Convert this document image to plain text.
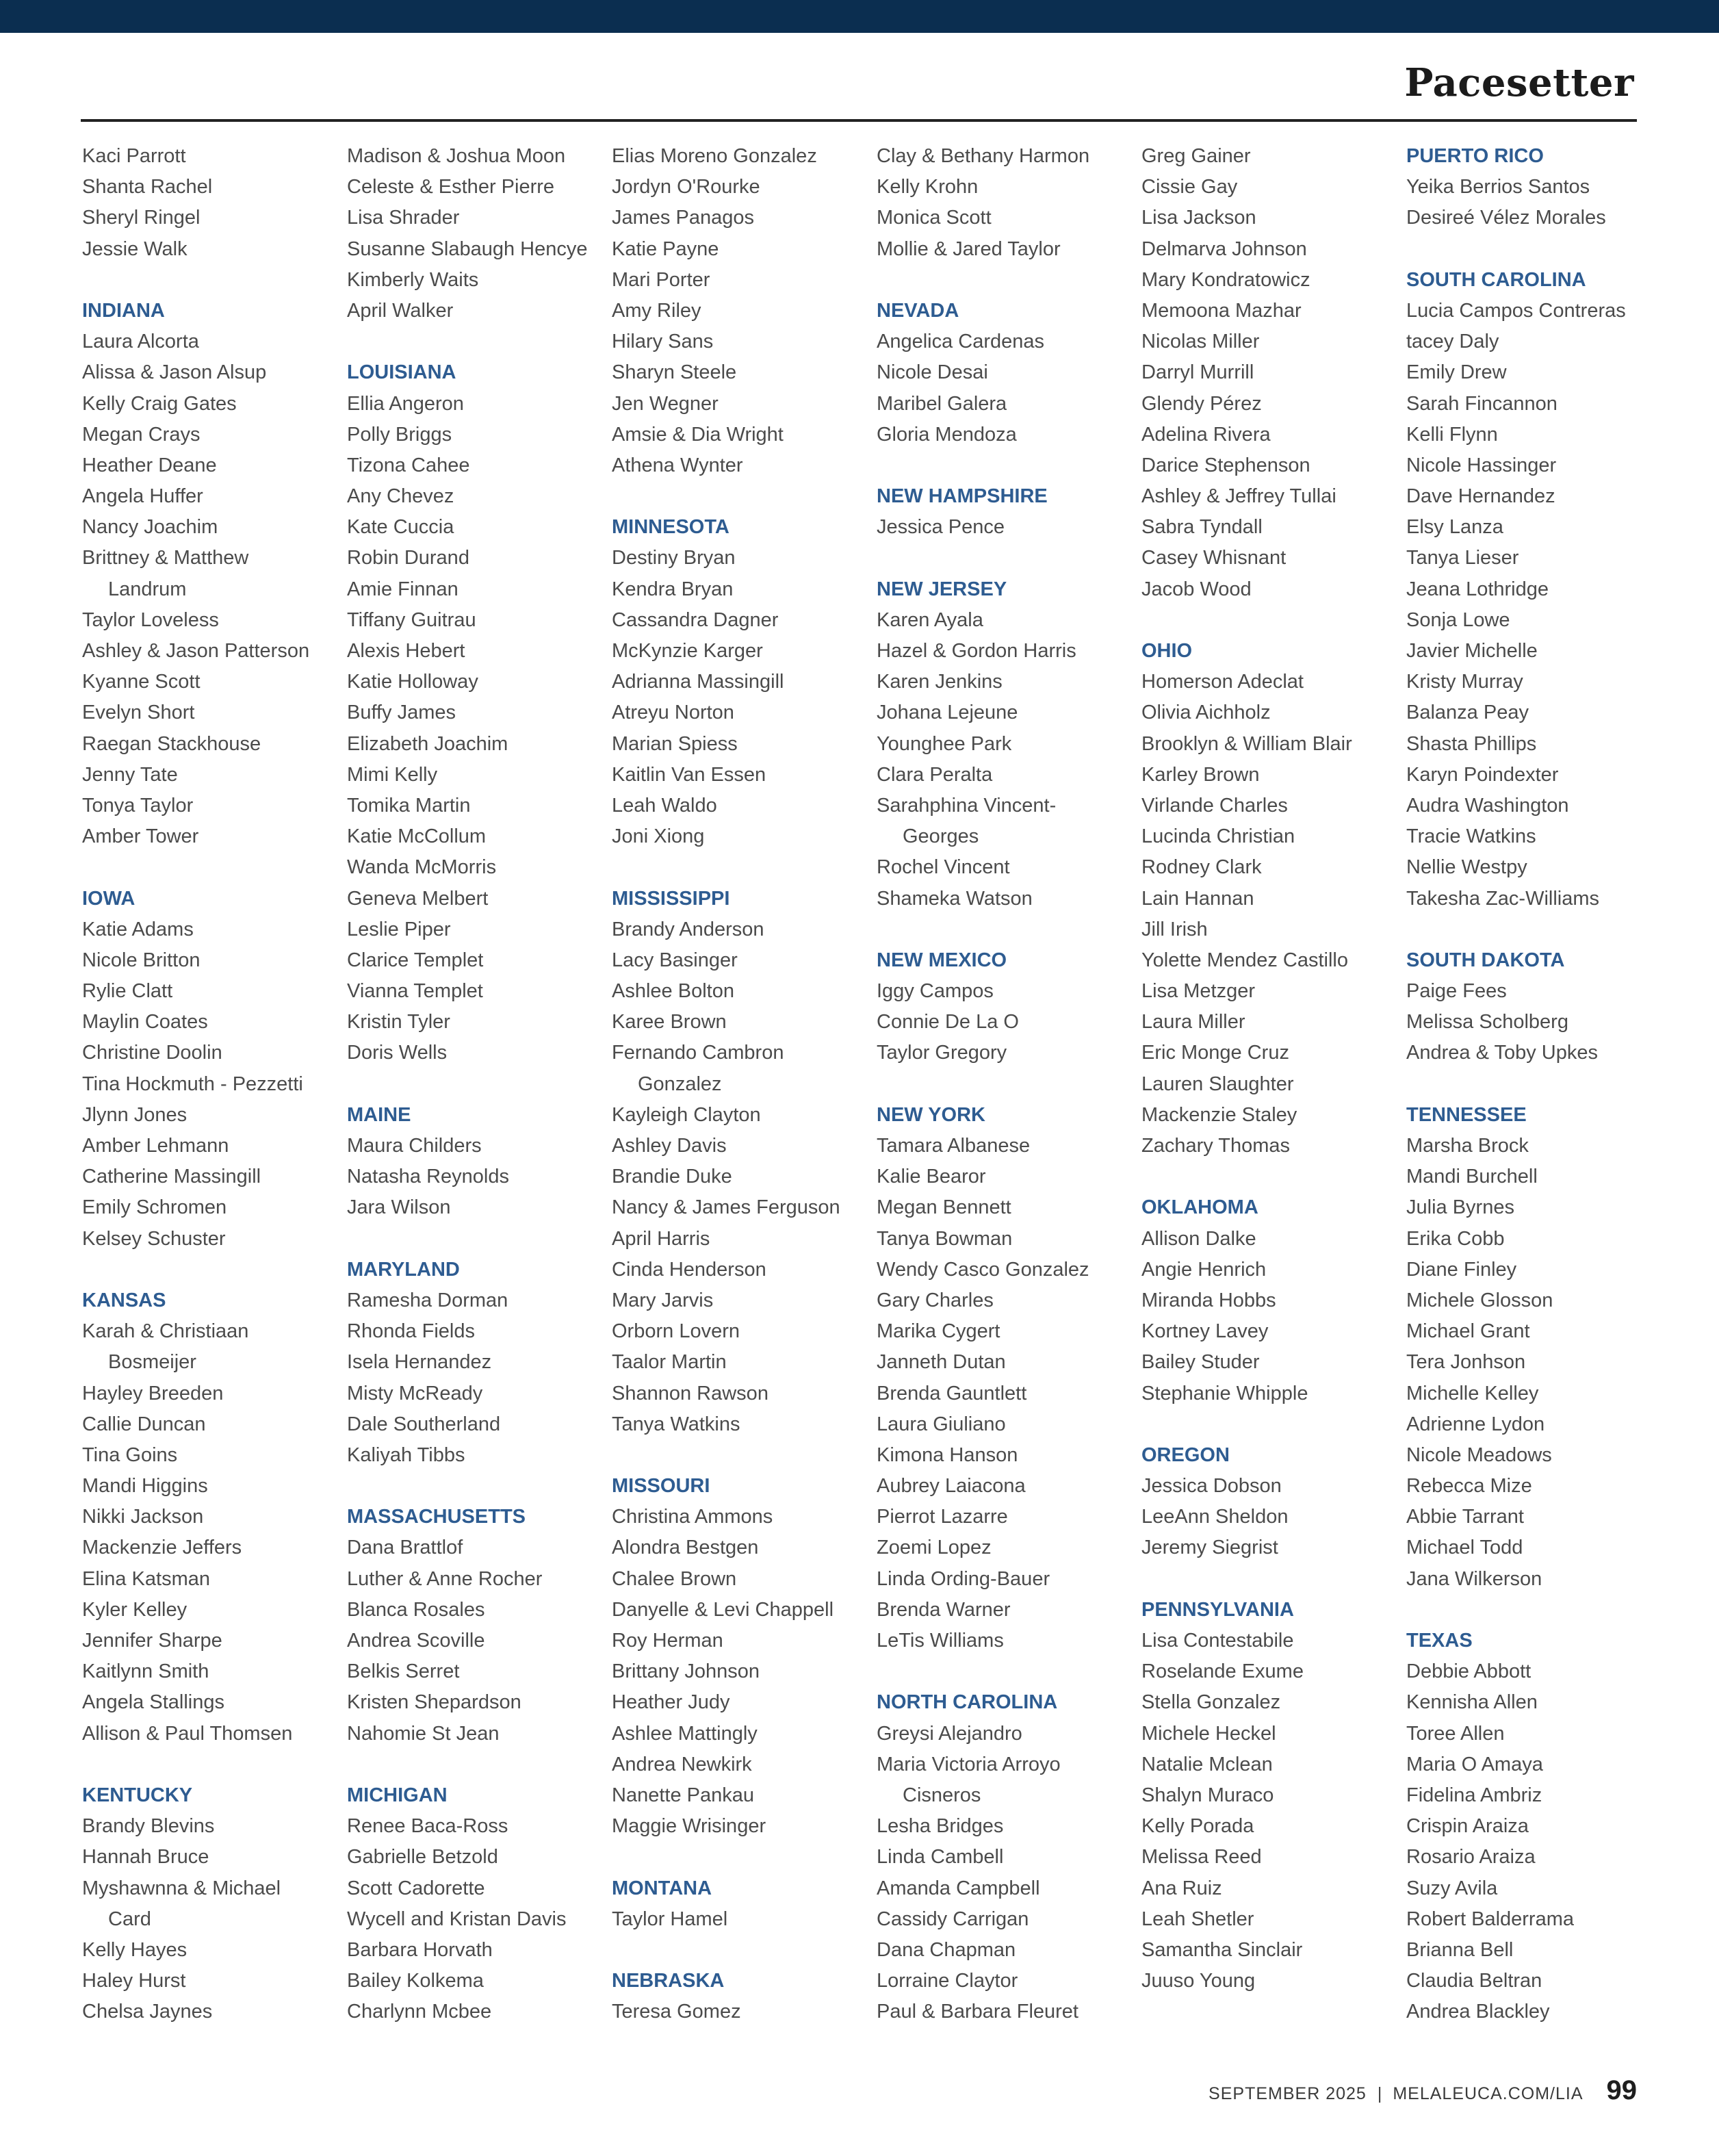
Pacesetter
Kaci Parrott
Shanta Rachel
Sheryl Ringel
Jessie Walk
INDIANA
Laura Alcorta
Alissa & Jason Alsup
Kelly Craig Gates
Megan Crays
Heather Deane
Angela Huffer
Nancy Joachim
Brittney & Matthew
Landrum
Taylor Loveless
Ashley & Jason Patterson
Kyanne Scott
Evelyn Short
Raegan Stackhouse
Jenny Tate
Tonya Taylor
Amber Tower
IOWA
Katie Adams
Nicole Britton
Rylie Clatt
Maylin Coates
Christine Doolin
Tina Hockmuth - Pezzetti
Jlynn Jones
Amber Lehmann
Catherine Massingill
Emily Schromen
Kelsey Schuster
KANSAS
Karah & Christiaan
Bosmeijer
Hayley Breeden
Callie Duncan
Tina Goins
Mandi Higgins
Nikki Jackson
Mackenzie Jeffers
Elina Katsman
Kyler Kelley
Jennifer Sharpe
Kaitlynn Smith
Angela Stallings
Allison & Paul Thomsen
KENTUCKY
Brandy Blevins
Hannah Bruce
Myshawnna & Michael
Card
Kelly Hayes
Haley Hurst
Chelsa Jaynes
Madison & Joshua Moon
Celeste & Esther Pierre
Lisa Shrader
Susanne Slabaugh Hencye
Kimberly Waits
April Walker
LOUISIANA
Ellia Angeron
Polly Briggs
Tizona Cahee
Any Chevez
Kate Cuccia
Robin Durand
Amie Finnan
Tiffany Guitrau
Alexis Hebert
Katie Holloway
Buffy James
Elizabeth Joachim
Mimi Kelly
Tomika Martin
Katie McCollum
Wanda McMorris
Geneva Melbert
Leslie Piper
Clarice Templet
Vianna Templet
Kristin Tyler
Doris Wells
MAINE
Maura Childers
Natasha Reynolds
Jara Wilson
MARYLAND
Ramesha Dorman
Rhonda Fields
Isela Hernandez
Misty McReady
Dale Southerland
Kaliyah Tibbs
MASSACHUSETTS
Dana Brattlof
Luther & Anne Rocher
Blanca Rosales
Andrea Scoville
Belkis Serret
Kristen Shepardson
Nahomie St Jean
MICHIGAN
Renee Baca-Ross
Gabrielle Betzold
Scott Cadorette
Wycell and Kristan Davis
Barbara Horvath
Bailey Kolkema
Charlynn Mcbee
Elias Moreno Gonzalez
Jordyn O'Rourke
James Panagos
Katie Payne
Mari Porter
Amy Riley
Hilary Sans
Sharyn Steele
Jen Wegner
Amsie & Dia Wright
Athena Wynter
MINNESOTA
Destiny Bryan
Kendra Bryan
Cassandra Dagner
McKynzie Karger
Adrianna Massingill
Atreyu Norton
Marian Spiess
Kaitlin Van Essen
Leah Waldo
Joni Xiong
MISSISSIPPI
Brandy Anderson
Lacy Basinger
Ashlee Bolton
Karee Brown
Fernando Cambron
Gonzalez
Kayleigh Clayton
Ashley Davis
Brandie Duke
Nancy & James Ferguson
April Harris
Cinda Henderson
Mary Jarvis
Orborn Lovern
Taalor Martin
Shannon Rawson
Tanya Watkins
MISSOURI
Christina Ammons
Alondra Bestgen
Chalee Brown
Danyelle & Levi Chappell
Roy Herman
Brittany Johnson
Heather Judy
Ashlee Mattingly
Andrea Newkirk
Nanette Pankau
Maggie Wrisinger
MONTANA
Taylor Hamel
NEBRASKA
Teresa Gomez
Clay & Bethany Harmon
Kelly Krohn
Monica Scott
Mollie & Jared Taylor
NEVADA
Angelica Cardenas
Nicole Desai
Maribel Galera
Gloria Mendoza
NEW HAMPSHIRE
Jessica Pence
NEW JERSEY
Karen Ayala
Hazel & Gordon Harris
Karen Jenkins
Johana Lejeune
Younghee Park
Clara Peralta
Sarahphina Vincent-
Georges
Rochel Vincent
Shameka Watson
NEW MEXICO
Iggy Campos
Connie De La O
Taylor Gregory
NEW YORK
Tamara Albanese
Kalie Bearor
Megan Bennett
Tanya Bowman
Wendy Casco Gonzalez
Gary Charles
Marika Cygert
Janneth Dutan
Brenda Gauntlett
Laura Giuliano
Kimona Hanson
Aubrey Laiacona
Pierrot Lazarre
Zoemi Lopez
Linda Ording-Bauer
Brenda Warner
LeTis Williams
NORTH CAROLINA
Greysi Alejandro
Maria Victoria Arroyo
Cisneros
Lesha Bridges
Linda Cambell
Amanda Campbell
Cassidy Carrigan
Dana Chapman
Lorraine Claytor
Paul & Barbara Fleuret
Greg Gainer
Cissie Gay
Lisa Jackson
Delmarva Johnson
Mary Kondratowicz
Memoona Mazhar
Nicolas Miller
Darryl Murrill
Glendy Pérez
Adelina Rivera
Darice Stephenson
Ashley & Jeffrey Tullai
Sabra Tyndall
Casey Whisnant
Jacob Wood
OHIO
Homerson Adeclat
Olivia Aichholz
Brooklyn & William Blair
Karley Brown
Virlande Charles
Lucinda Christian
Rodney Clark
Lain Hannan
Jill Irish
Yolette Mendez Castillo
Lisa Metzger
Laura Miller
Eric Monge Cruz
Lauren Slaughter
Mackenzie Staley
Zachary Thomas
OKLAHOMA
Allison Dalke
Angie Henrich
Miranda Hobbs
Kortney Lavey
Bailey Studer
Stephanie Whipple
OREGON
Jessica Dobson
LeeAnn Sheldon
Jeremy Siegrist
PENNSYLVANIA
Lisa Contestabile
Roselande Exume
Stella Gonzalez
Michele Heckel
Natalie Mclean
Shalyn Muraco
Kelly Porada
Melissa Reed
Ana Ruiz
Leah Shetler
Samantha Sinclair
Juuso Young
PUERTO RICO
Yeika Berrios Santos
Desireé Vélez Morales
SOUTH CAROLINA
Lucia Campos Contreras
tacey Daly
Emily Drew
Sarah Fincannon
Kelli Flynn
Nicole Hassinger
Dave Hernandez
Elsy Lanza
Tanya Lieser
Jeana Lothridge
Sonja Lowe
Javier Michelle
Kristy Murray
Balanza Peay
Shasta Phillips
Karyn Poindexter
Audra Washington
Tracie Watkins
Nellie Westpy
Takesha Zac-Williams
SOUTH DAKOTA
Paige Fees
Melissa Scholberg
Andrea & Toby Upkes
TENNESSEE
Marsha Brock
Mandi Burchell
Julia Byrnes
Erika Cobb
Diane Finley
Michele Glosson
Michael Grant
Tera Jonhson
Michelle Kelley
Adrienne Lydon
Nicole Meadows
Rebecca Mize
Abbie Tarrant
Michael Todd
Jana Wilkerson
TEXAS
Debbie Abbott
Kennisha Allen
Toree Allen
Maria O Amaya
Fidelina Ambriz
Crispin Araiza
Rosario Araiza
Suzy Avila
Robert Balderrama
Brianna Bell
Claudia Beltran
Andrea Blackley
SEPTEMBER 2025 | MELALEUCA.COM/LIA 99
